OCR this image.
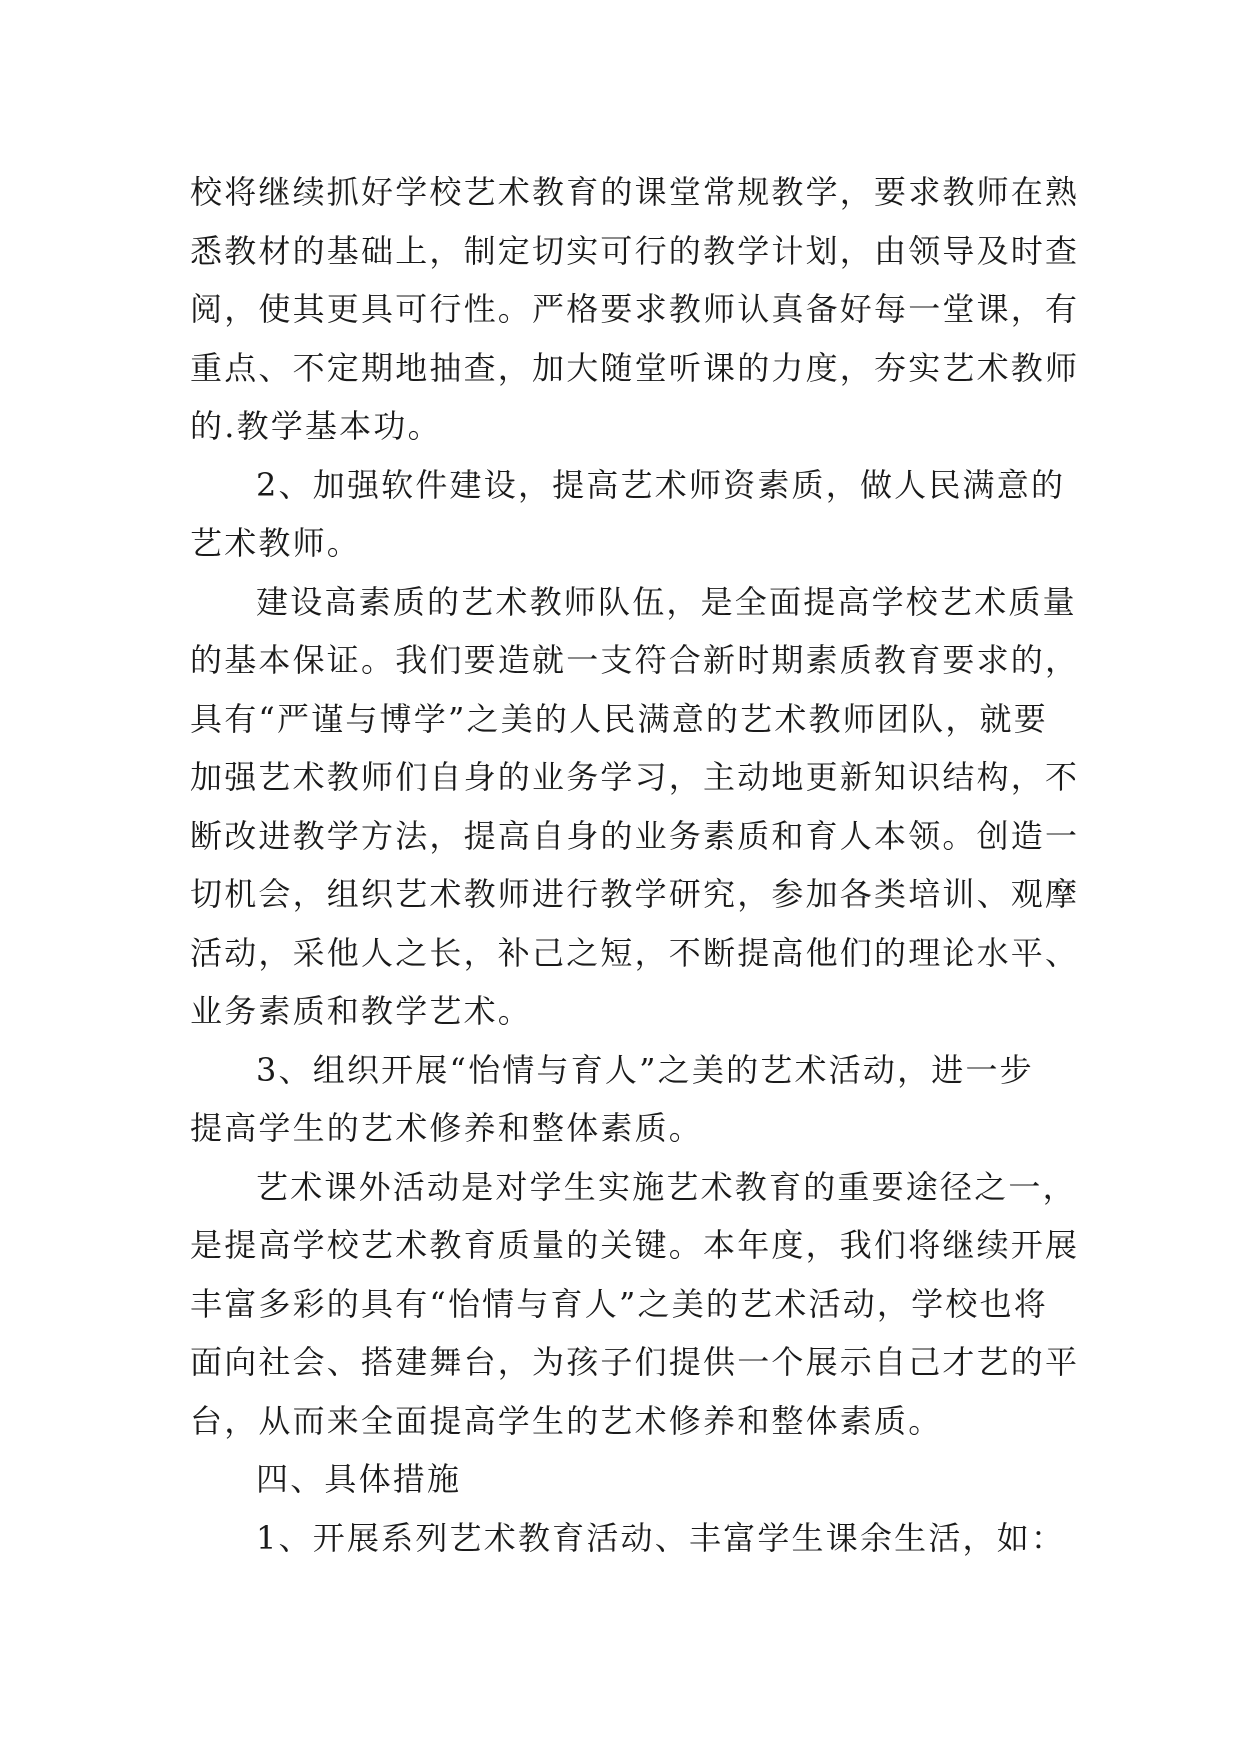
校将继续抓好学校艺术教育的课堂常规教学，要求教师在熟
悉教材的基础上，制定切实可行的教学计划，由领导及时查
阅，使其更具可行性。严格要求教师认真备好每一堂课，有
重点、不定期地抽查，加大随堂听课的力度，夯实艺术教师
的.教学基本功。
2、加强软件建设，提高艺术师资素质，做人民满意的
艺术教师。
建设高素质的艺术教师队伍，是全面提高学校艺术质量
的基本保证。我们要造就一支符合新时期素质教育要求的，
具有“严谨与博学”之美的人民满意的艺术教师团队，就要
加强艺术教师们自身的业务学习，主动地更新知识结构，不
断改进教学方法，提高自身的业务素质和育人本领。创造一
切机会，组织艺术教师进行教学研究，参加各类培训、观摩
活动，采他人之长，补己之短，不断提高他们的理论水平、
业务素质和教学艺术。
3、组织开展“怡情与育人”之美的艺术活动，进一步
提高学生的艺术修养和整体素质。
艺术课外活动是对学生实施艺术教育的重要途径之一，
是提高学校艺术教育质量的关键。本年度，我们将继续开展
丰富多彩的具有“怡情与育人”之美的艺术活动，学校也将
面向社会、搭建舞台，为孩子们提供一个展示自己才艺的平
台，从而来全面提高学生的艺术修养和整体素质。
四、具体措施
1、开展系列艺术教育活动、丰富学生课余生活，如：
